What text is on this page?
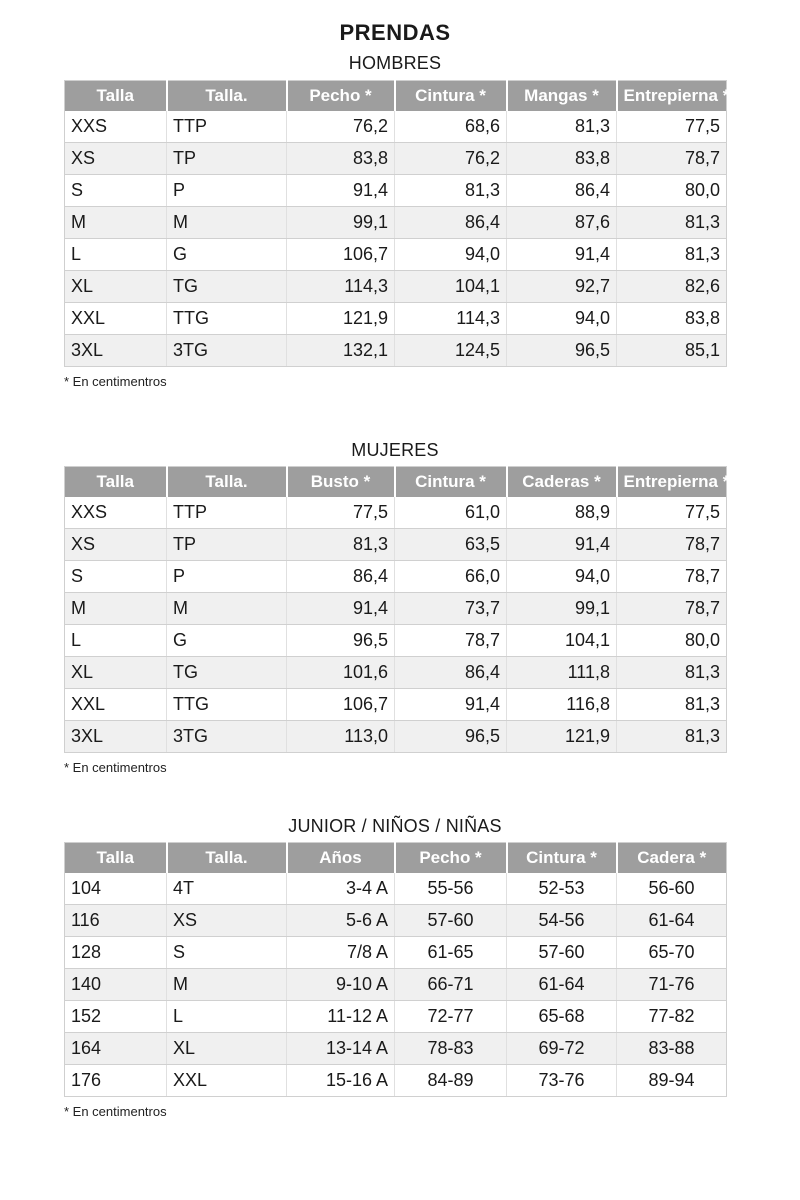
PRENDAS
HOMBRES
Talla	Talla.	Pecho *	Cintura *	Mangas *	Entrepierna *
XXS	TTP	76,2	68,6	81,3	77,5
XS	TP	83,8	76,2	83,8	78,7
S	P	91,4	81,3	86,4	80,0
M	M	99,1	86,4	87,6	81,3
L	G	106,7	94,0	91,4	81,3
XL	TG	114,3	104,1	92,7	82,6
XXL	TTG	121,9	114,3	94,0	83,8
3XL	3TG	132,1	124,5	96,5	85,1
* En centimentros
MUJERES
Talla	Talla.	Busto *	Cintura *	Caderas *	Entrepierna *
XXS	TTP	77,5	61,0	88,9	77,5
XS	TP	81,3	63,5	91,4	78,7
S	P	86,4	66,0	94,0	78,7
M	M	91,4	73,7	99,1	78,7
L	G	96,5	78,7	104,1	80,0
XL	TG	101,6	86,4	111,8	81,3
XXL	TTG	106,7	91,4	116,8	81,3
3XL	3TG	113,0	96,5	121,9	81,3
* En centimentros
JUNIOR / NIÑOS / NIÑAS
Talla	Talla.	Años	Pecho *	Cintura *	Cadera *
104	4T	3-4 A	55-56	52-53	56-60
116	XS	5-6 A	57-60	54-56	61-64
128	S	7/8 A	61-65	57-60	65-70
140	M	9-10 A	66-71	61-64	71-76
152	L	11-12 A	72-77	65-68	77-82
164	XL	13-14 A	78-83	69-72	83-88
176	XXL	15-16 A	84-89	73-76	89-94
* En centimentros
